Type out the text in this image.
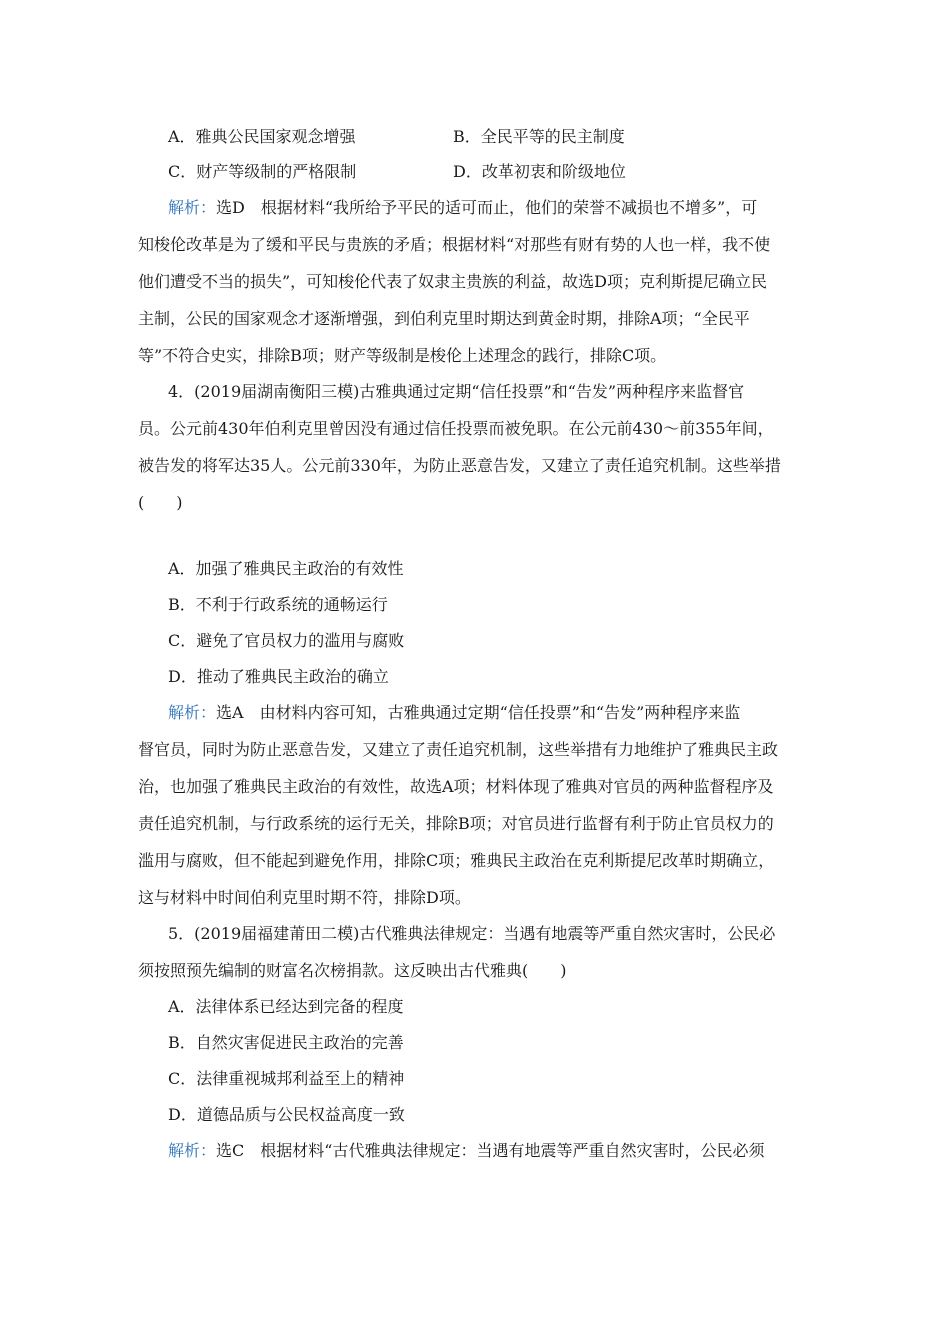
A．雅典公民国家观念增强	B．全民平等的民主制度
C．财产等级制的严格限制	D．改革初衷和阶级地位
解析：选D　根据材料“我所给予平民的适可而止，他们的荣誉不减损也不增多”，可
知梭伦改革是为了缓和平民与贵族的矛盾；根据材料“对那些有财有势的人也一样，我不使
他们遭受不当的损失”，可知梭伦代表了奴隶主贵族的利益，故选D项；克利斯提尼确立民
主制，公民的国家观念才逐渐增强，到伯利克里时期达到黄金时期，排除A项；“全民平
等”不符合史实，排除B项；财产等级制是梭伦上述理念的践行，排除C项。
4．(2019届湖南衡阳三模)古雅典通过定期“信任投票”和“告发”两种程序来监督官
员。公元前430年伯利克里曾因没有通过信任投票而被免职。在公元前430～前355年间，
被告发的将军达35人。公元前330年，为防止恶意告发，又建立了责任追究机制。这些举措
(　　)
A．加强了雅典民主政治的有效性
B．不利于行政系统的通畅运行
C．避免了官员权力的滥用与腐败
D．推动了雅典民主政治的确立
解析：选A　由材料内容可知，古雅典通过定期“信任投票”和“告发”两种程序来监
督官员，同时为防止恶意告发，又建立了责任追究机制，这些举措有力地维护了雅典民主政
治，也加强了雅典民主政治的有效性，故选A项；材料体现了雅典对官员的两种监督程序及
责任追究机制，与行政系统的运行无关，排除B项；对官员进行监督有利于防止官员权力的
滥用与腐败，但不能起到避免作用，排除C项；雅典民主政治在克利斯提尼改革时期确立，
这与材料中时间伯利克里时期不符，排除D项。
5．(2019届福建莆田二模)古代雅典法律规定：当遇有地震等严重自然灾害时，公民必
须按照预先编制的财富名次榜捐款。这反映出古代雅典(　　)
A．法律体系已经达到完备的程度
B．自然灾害促进民主政治的完善
C．法律重视城邦利益至上的精神
D．道德品质与公民权益高度一致
解析：选C　根据材料“古代雅典法律规定：当遇有地震等严重自然灾害时，公民必须
